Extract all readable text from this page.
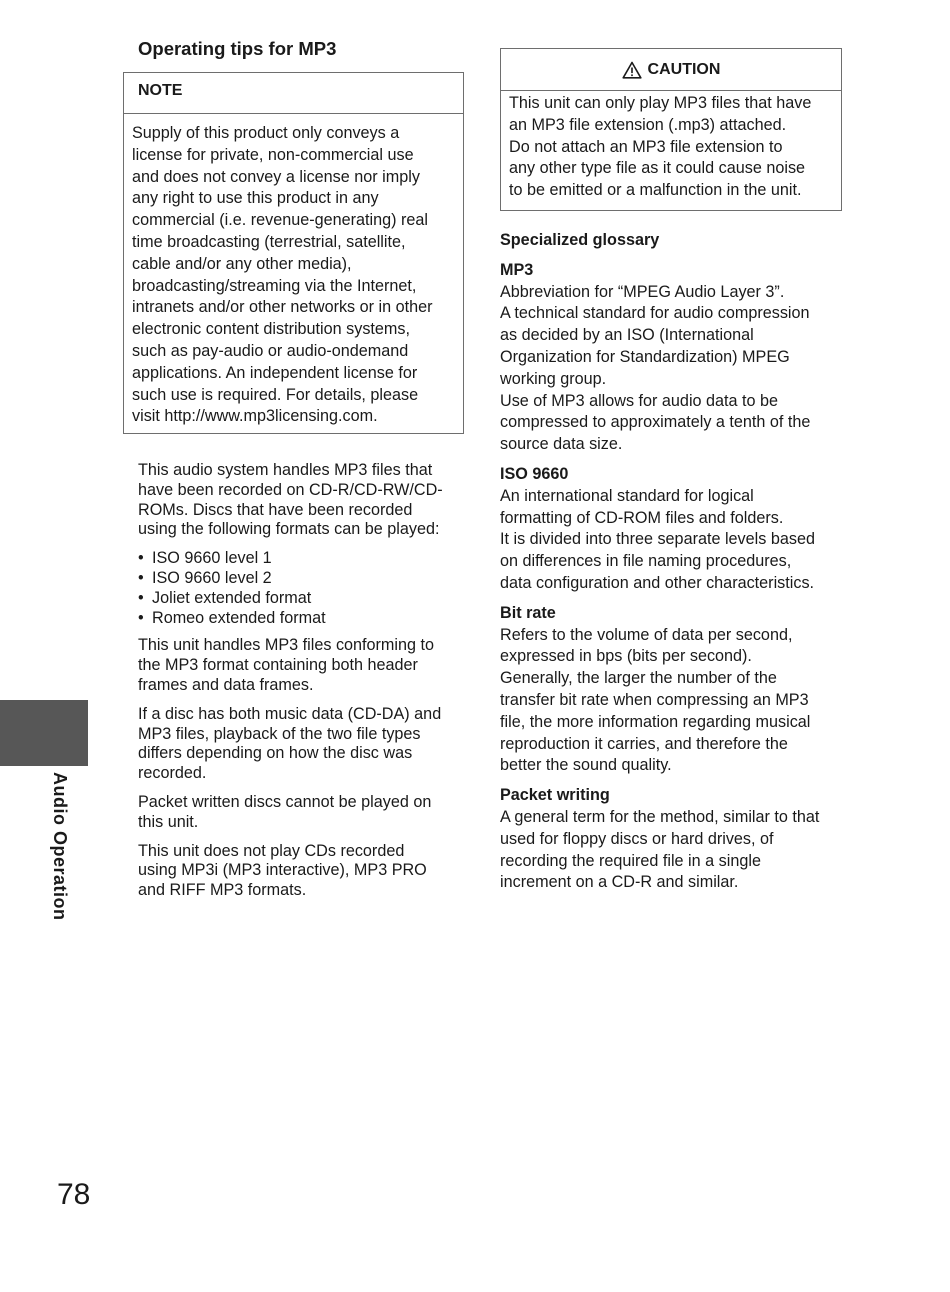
Operating tips for MP3
NOTE
Supply of this product only conveys a
license for private, non-commercial use
and does not convey a license nor imply
any right to use this product in any
commercial (i.e. revenue-generating) real
time broadcasting (terrestrial, satellite,
cable and/or any other media),
broadcasting/streaming via the Internet,
intranets and/or other networks or in other
electronic content distribution systems,
such as pay-audio or audio-ondemand
applications. An independent license for
such use is required. For details, please
visit http://www.mp3licensing.com.

This audio system handles MP3 files that
have been recorded on CD-R/CD-RW/CD-
ROMs. Discs that have been recorded
using the following formats can be played:

• ISO 9660 level 1
• ISO 9660 level 2
• Joliet extended format
• Romeo extended format

This unit handles MP3 files conforming to
the MP3 format containing both header
frames and data frames.

If a disc has both music data (CD-DA) and
MP3 files, playback of the two file types
differs depending on how the disc was
recorded.

Packet written discs cannot be played on
this unit.

This unit does not play CDs recorded
using MP3i (MP3 interactive), MP3 PRO
and RIFF MP3 formats.

CAUTION
This unit can only play MP3 files that have
an MP3 file extension (.mp3) attached.
Do not attach an MP3 file extension to
any other type file as it could cause noise
to be emitted or a malfunction in the unit.
Specialized glossary
MP3
Abbreviation for “MPEG Audio Layer 3”.
A technical standard for audio compression
as decided by an ISO (International
Organization for Standardization) MPEG
working group.
Use of MP3 allows for audio data to be
compressed to approximately a tenth of the
source data size.
ISO 9660
An international standard for logical
formatting of CD-ROM files and folders.
It is divided into three separate levels based
on differences in file naming procedures,
data configuration and other characteristics.
Bit rate
Refers to the volume of data per second,
expressed in bps (bits per second).
Generally, the larger the number of the
transfer bit rate when compressing an MP3
file, the more information regarding musical
reproduction it carries, and therefore the
better the sound quality.
Packet writing
A general term for the method, similar to that
used for floppy discs or hard drives, of
recording the required file in a single
increment on a CD-R and similar.
Audio Operation
78
